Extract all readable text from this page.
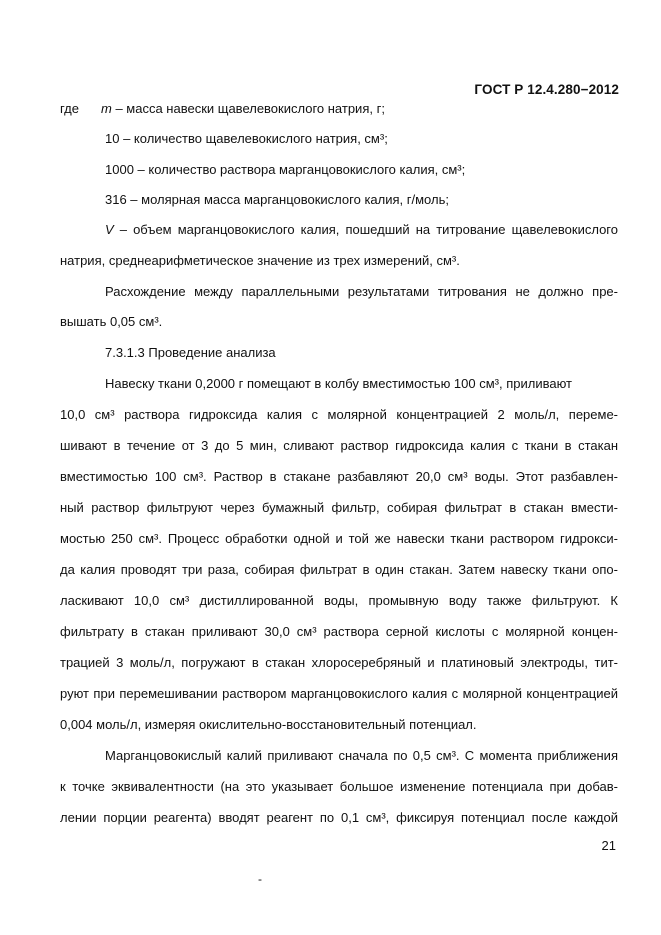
ГОСТ Р 12.4.280−2012
где m – масса навески щавелевокислого натрия, г;
10 – количество щавелевокислого натрия, см³;
1000 – количество раствора марганцовокислого калия, см³;
316 – молярная масса марганцовокислого калия, г/моль;
V – объем марганцовокислого калия, пошедший на титрование щавелевокислого
натрия, среднеарифметическое значение из трех измерений, см³.
Расхождение между параллельными результатами титрования не должно пре-
вышать 0,05 см³.
7.3.1.3 Проведение анализа
Навеску ткани 0,2000 г помещают в колбу вместимостью 100 см³, приливают
10,0 см³ раствора гидроксида калия с молярной концентрацией 2 моль/л, переме-
шивают в течение от 3 до 5 мин, сливают раствор гидроксида калия с ткани в стакан
вместимостью 100 см³. Раствор в стакане разбавляют 20,0 см³ воды. Этот разбавлен-
ный раствор фильтруют через бумажный фильтр, собирая фильтрат в стакан вмести-
мостью 250 см³. Процесс обработки одной и той же навески ткани раствором гидрокси-
да калия проводят три раза, собирая фильтрат в один стакан. Затем навеску ткани опо-
ласкивают 10,0 см³ дистиллированной воды, промывную воду также фильтруют. К
фильтрату в стакан приливают 30,0 см³ раствора серной кислоты с молярной концен-
трацией 3 моль/л, погружают в стакан хлоросеребряный и платиновый электроды, тит-
руют при перемешивании раствором марганцовокислого калия с молярной концентрацией
0,004 моль/л, измеряя окислительно-восстановительный потенциал.
Марганцовокислый калий приливают сначала по 0,5 см³. С момента приближения
к точке эквивалентности (на это указывает большое изменение потенциала при добав-
лении порции реагента) вводят реагент по 0,1 см³, фиксируя потенциал после каждой
21
-
